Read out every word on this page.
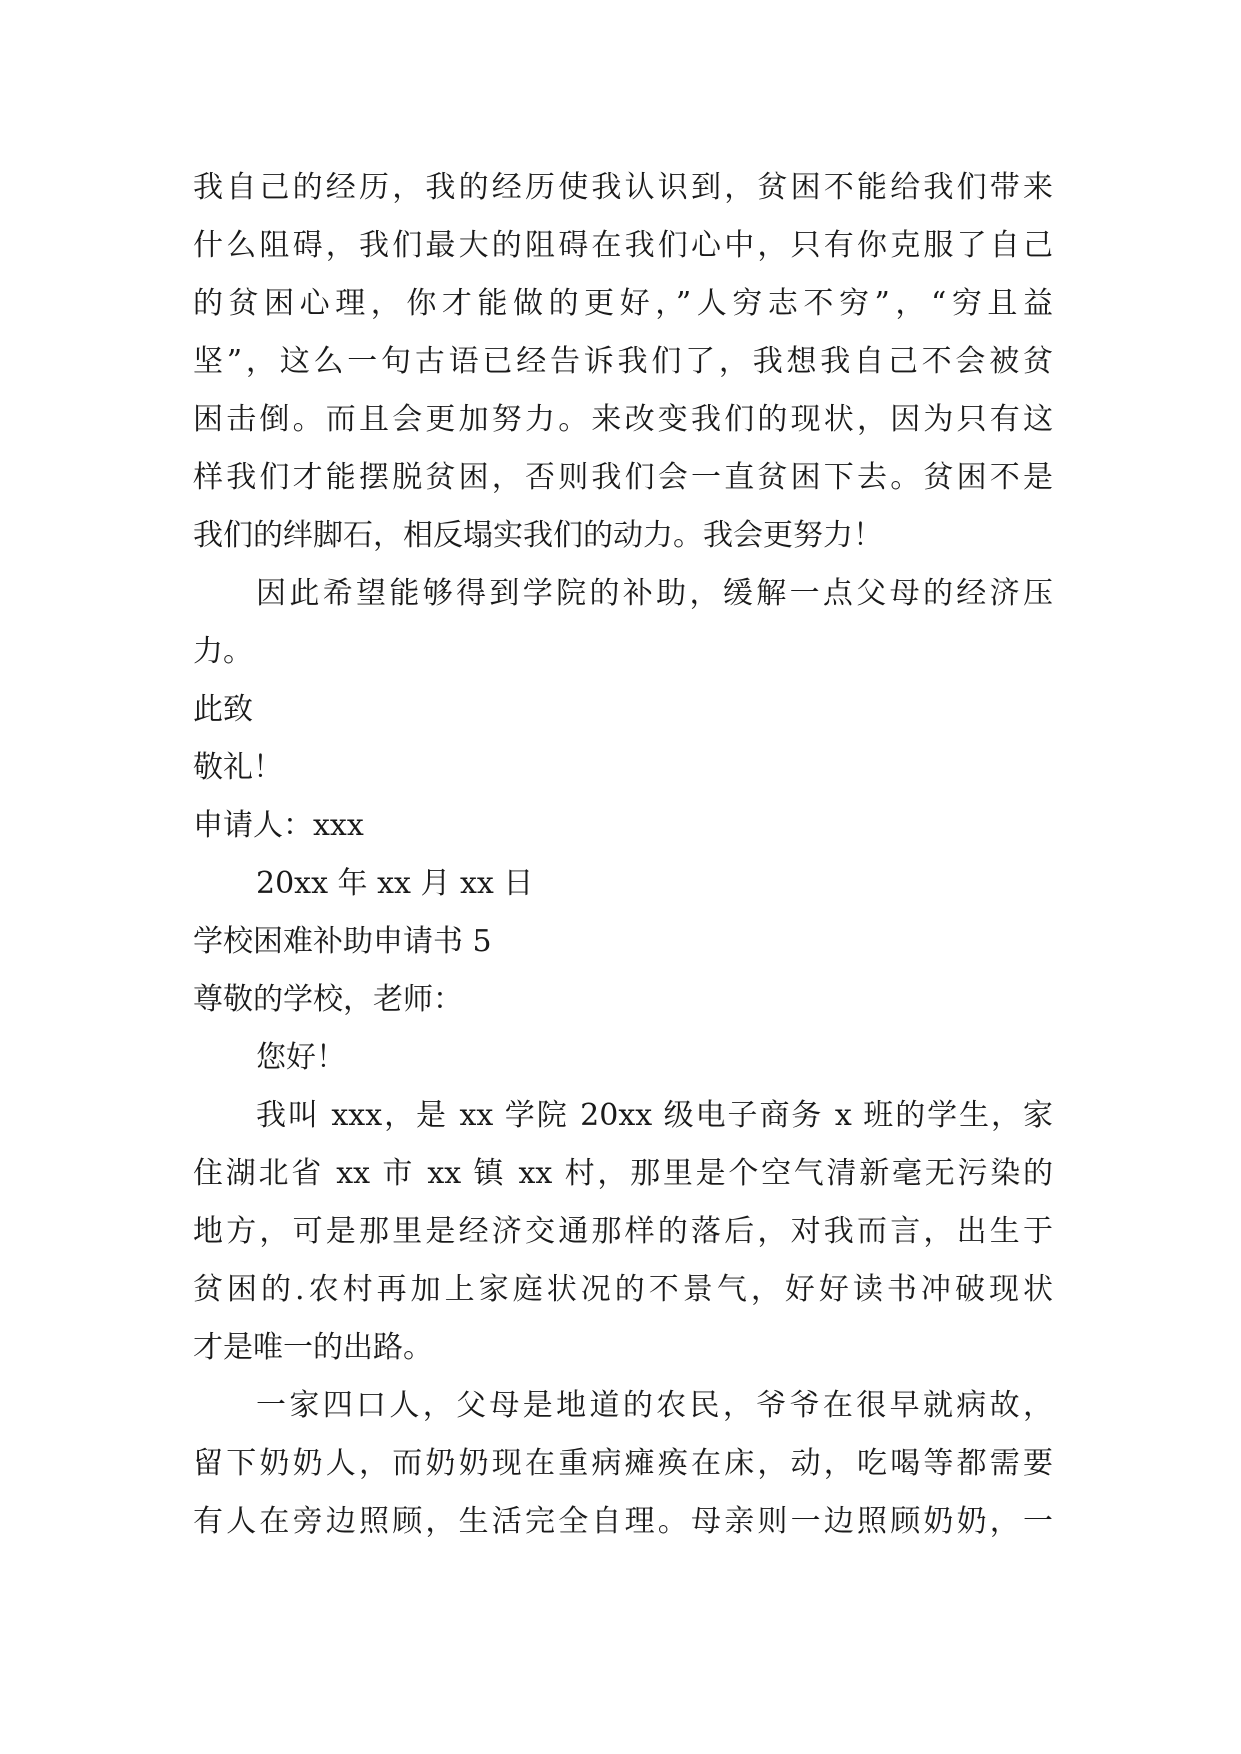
我自己的经历，我的经历使我认识到，贫困不能给我们带来
什么阻碍，我们最大的阻碍在我们心中，只有你克服了自己
的贫困心理，你才能做的更好，”人穷志不穷”，“穷且益
坚”，这么一句古语已经告诉我们了，我想我自己不会被贫
困击倒。而且会更加努力。来改变我们的现状，因为只有这
样我们才能摆脱贫困，否则我们会一直贫困下去。贫困不是
我们的绊脚石，相反塌实我们的动力。我会更努力！
因此希望能够得到学院的补助，缓解一点父母的经济压
力。
此致
敬礼！
申请人：xxx
20xx 年 xx 月 xx 日
学校困难补助申请书 5
尊敬的学校，老师：
您好！
我叫 xxx，是 xx 学院 20xx 级电子商务 x 班的学生，家
住湖北省 xx 市 xx 镇 xx 村，那里是个空气清新毫无污染的
地方，可是那里是经济交通那样的落后，对我而言，出生于
贫困的.农村再加上家庭状况的不景气，好好读书冲破现状
才是唯一的出路。
一家四口人，父母是地道的农民，爷爷在很早就病故，
留下奶奶人，而奶奶现在重病瘫痪在床，动，吃喝等都需要
有人在旁边照顾，生活完全自理。母亲则一边照顾奶奶，一
